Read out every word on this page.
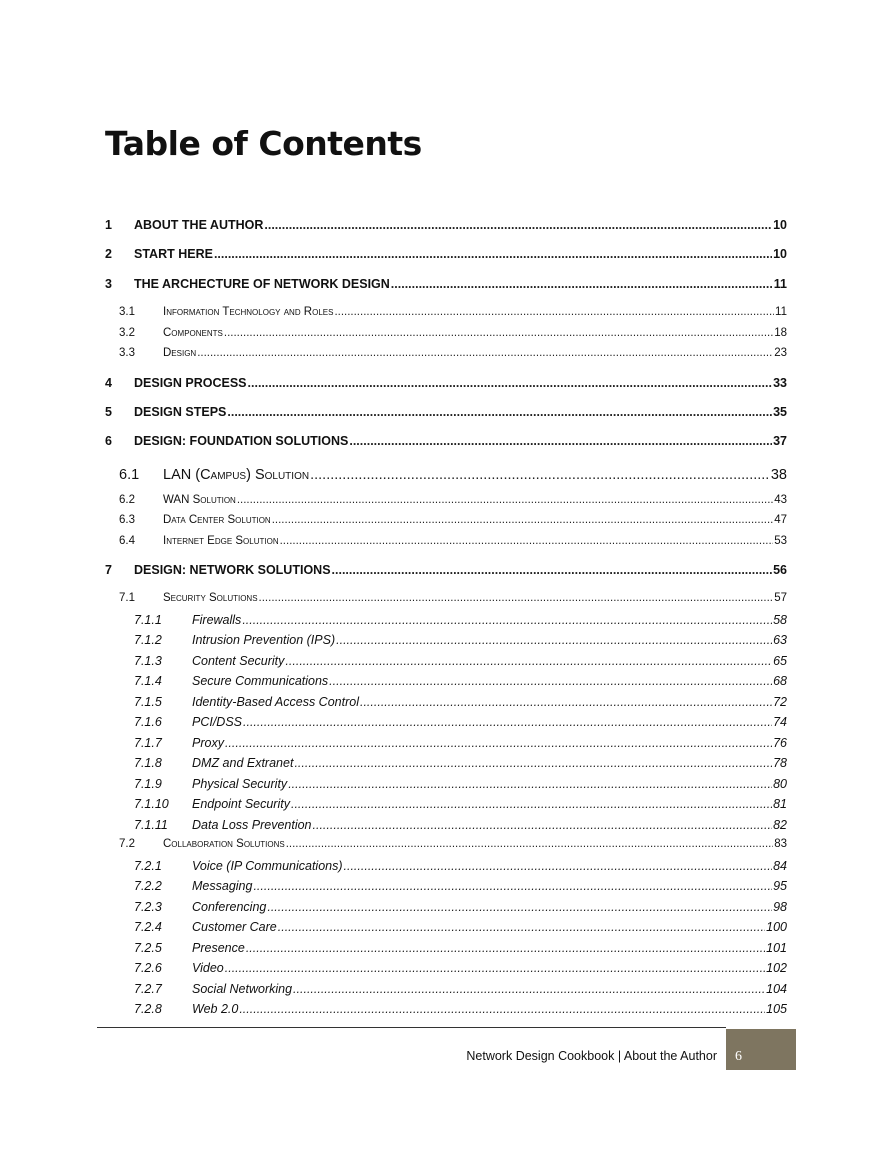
Table of Contents
1	ABOUT THE AUTHOR .....	10
2	START HERE .....	10
3	THE ARCHECTURE OF NETWORK DESIGN .....	11
3.1	Information Technology and Roles .....	11
3.2	Components .....	18
3.3	Design .....	23
4	DESIGN PROCESS .....	33
5	DESIGN STEPS .....	35
6	DESIGN: FOUNDATION SOLUTIONS .....	37
6.1	LAN (Campus) Solution .....	38
6.2	WAN Solution .....	43
6.3	Data Center Solution .....	47
6.4	Internet Edge Solution .....	53
7	DESIGN: NETWORK SOLUTIONS .....	56
7.1	Security Solutions .....	57
7.1.1	Firewalls .....	58
7.1.2	Intrusion Prevention (IPS) .....	63
7.1.3	Content Security .....	65
7.1.4	Secure Communications .....	68
7.1.5	Identity-Based Access Control .....	72
7.1.6	PCI/DSS .....	74
7.1.7	Proxy .....	76
7.1.8	DMZ and Extranet .....	78
7.1.9	Physical Security .....	80
7.1.10	Endpoint Security .....	81
7.1.11	Data Loss Prevention .....	82
7.2	Collaboration Solutions .....	83
7.2.1	Voice (IP Communications) .....	84
7.2.2	Messaging .....	95
7.2.3	Conferencing .....	98
7.2.4	Customer Care .....	100
7.2.5	Presence .....	101
7.2.6	Video .....	102
7.2.7	Social Networking .....	104
7.2.8	Web 2.0 .....	105
Network Design Cookbook | About the Author 6
